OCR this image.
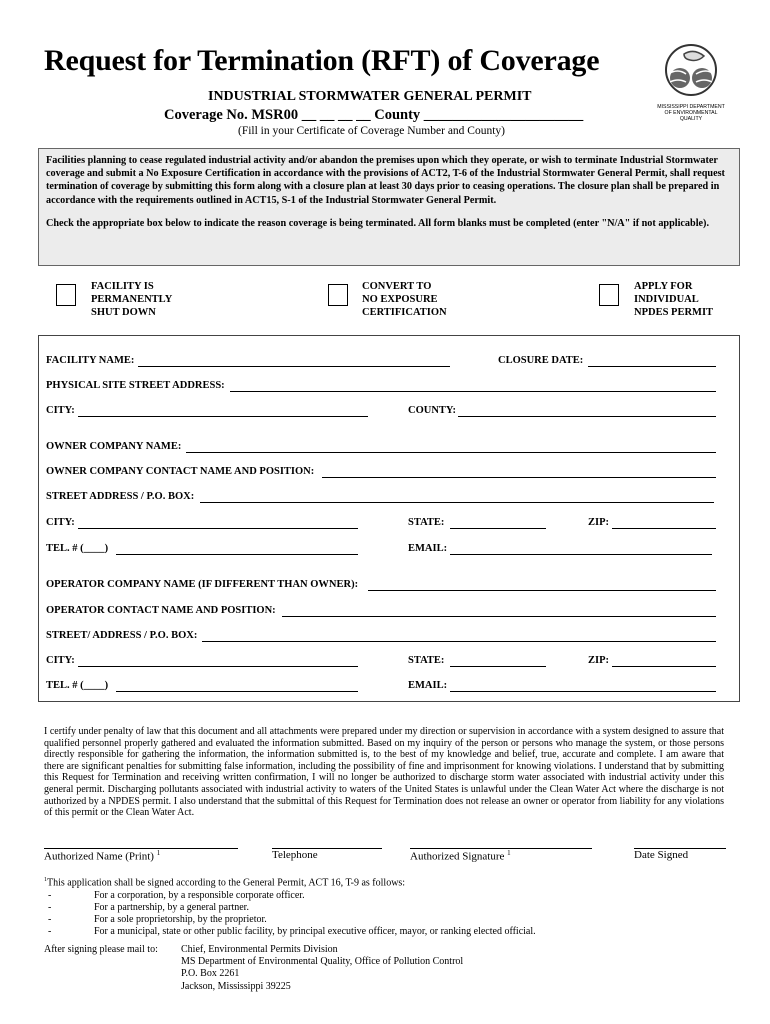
Request for Termination (RFT) of Coverage
INDUSTRIAL STORMWATER GENERAL PERMIT
Coverage No. MSR00 __ __ __ __ County ______________________
(Fill in your Certificate of Coverage Number and County)
MISSISSIPPI DEPARTMENT OF ENVIRONMENTAL QUALITY

Facilities planning to cease regulated industrial activity and/or abandon the premises upon which they operate, or wish to terminate Industrial Stormwater coverage and submit a No Exposure Certification in accordance with the provisions of ACT2, T-6 of the Industrial Stormwater General Permit, shall request termination of coverage by submitting this form along with a closure plan at least 30 days prior to ceasing operations. The closure plan shall be prepared in accordance with the requirements outlined in ACT15, S-1 of the Industrial Stormwater General Permit.

Check the appropriate box below to indicate the reason coverage is being terminated. All form blanks must be completed (enter "N/A" if not applicable).

FACILITY IS
PERMANENTLY
SHUT DOWN
CONVERT TO
NO EXPOSURE
CERTIFICATION
APPLY FOR
INDIVIDUAL
NPDES PERMIT
FACILITY NAME:	CLOSURE DATE:
PHYSICAL SITE STREET ADDRESS:
CITY:	COUNTY:
OWNER COMPANY NAME:
OWNER COMPANY CONTACT NAME AND POSITION:
STREET ADDRESS / P.O. BOX:
CITY:	STATE:	ZIP:
TEL. # (____)	EMAIL:
OPERATOR COMPANY NAME (IF DIFFERENT THAN OWNER):
OPERATOR CONTACT NAME AND POSITION:
STREET/ ADDRESS / P.O. BOX:
CITY:	STATE:	ZIP:
TEL. # (____)	EMAIL:
I certify under penalty of law that this document and all attachments were prepared under my direction or supervision in accordance with a system designed to assure that qualified personnel properly gathered and evaluated the information submitted. Based on my inquiry of the person or persons who manage the system, or those persons directly responsible for gathering the information, the information submitted is, to the best of my knowledge and belief, true, accurate and complete. I am aware that there are significant penalties for submitting false information, including the possibility of fine and imprisonment for knowing violations. I understand that by submitting this Request for Termination and receiving written confirmation, I will no longer be authorized to discharge storm water associated with industrial activity under this general permit. Discharging pollutants associated with industrial activity to waters of the United States is unlawful under the Clean Water Act where the discharge is not authorized by a NPDES permit. I also understand that the submittal of this Request for Termination does not release an owner or operator from liability for any violations of this permit or the Clean Water Act.
Authorized Name (Print) $^1$	Telephone	Authorized Signature $^1$	Date Signed
$^1$This application shall be signed according to the General Permit, ACT 16, T-9 as follows:
-	For a corporation, by a responsible corporate officer.
-	For a partnership, by a general partner.
-	For a sole proprietorship, by the proprietor.
-	For a municipal, state or other public facility, by principal executive officer, mayor, or ranking elected official.
After signing please mail to: Chief, Environmental Permits Division
MS Department of Environmental Quality, Office of Pollution Control
P.O. Box 2261
Jackson, Mississippi 39225
